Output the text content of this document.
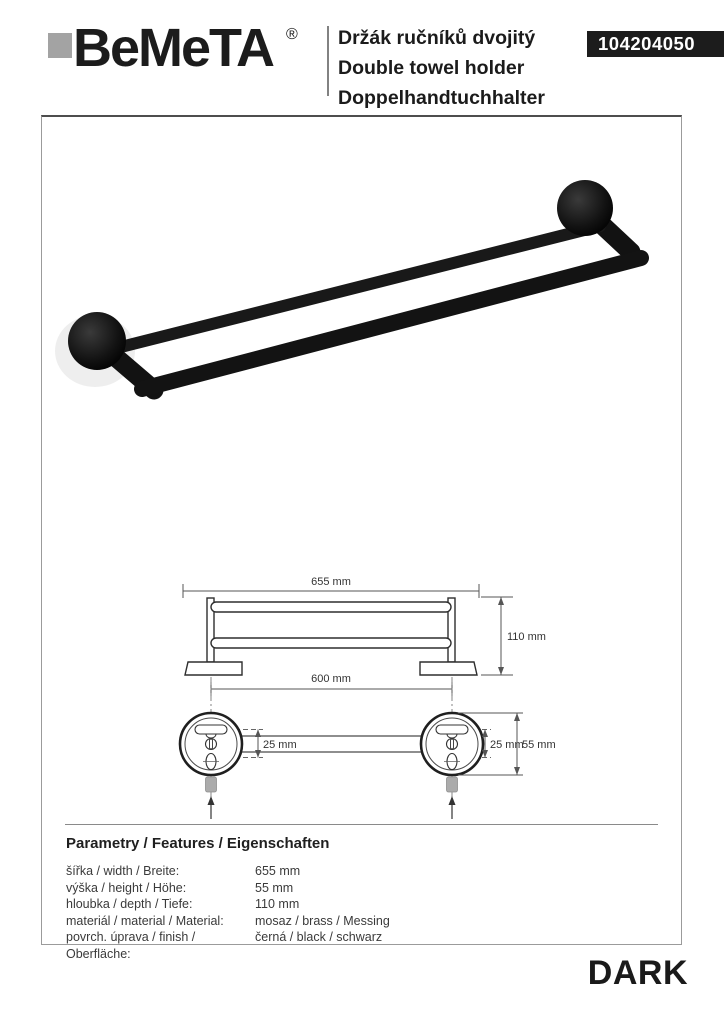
BeMeTA ® Držák ručníků dvojitý
Double towel holder
Doppelhandtuchhalter
104204050
655 mm
110 mm
600 mm
25 mm	25 mm
55 mm
Parametry / Features / Eigenschaften
šířka / width / Breite:	655 mm
výška / height / Höhe:	55 mm
hloubka / depth / Tiefe:	110 mm
materiál / material / Material:	mosaz / brass / Messing
povrch. úprava / finish / Oberfläche:
černá / black / schwarz
DARK
